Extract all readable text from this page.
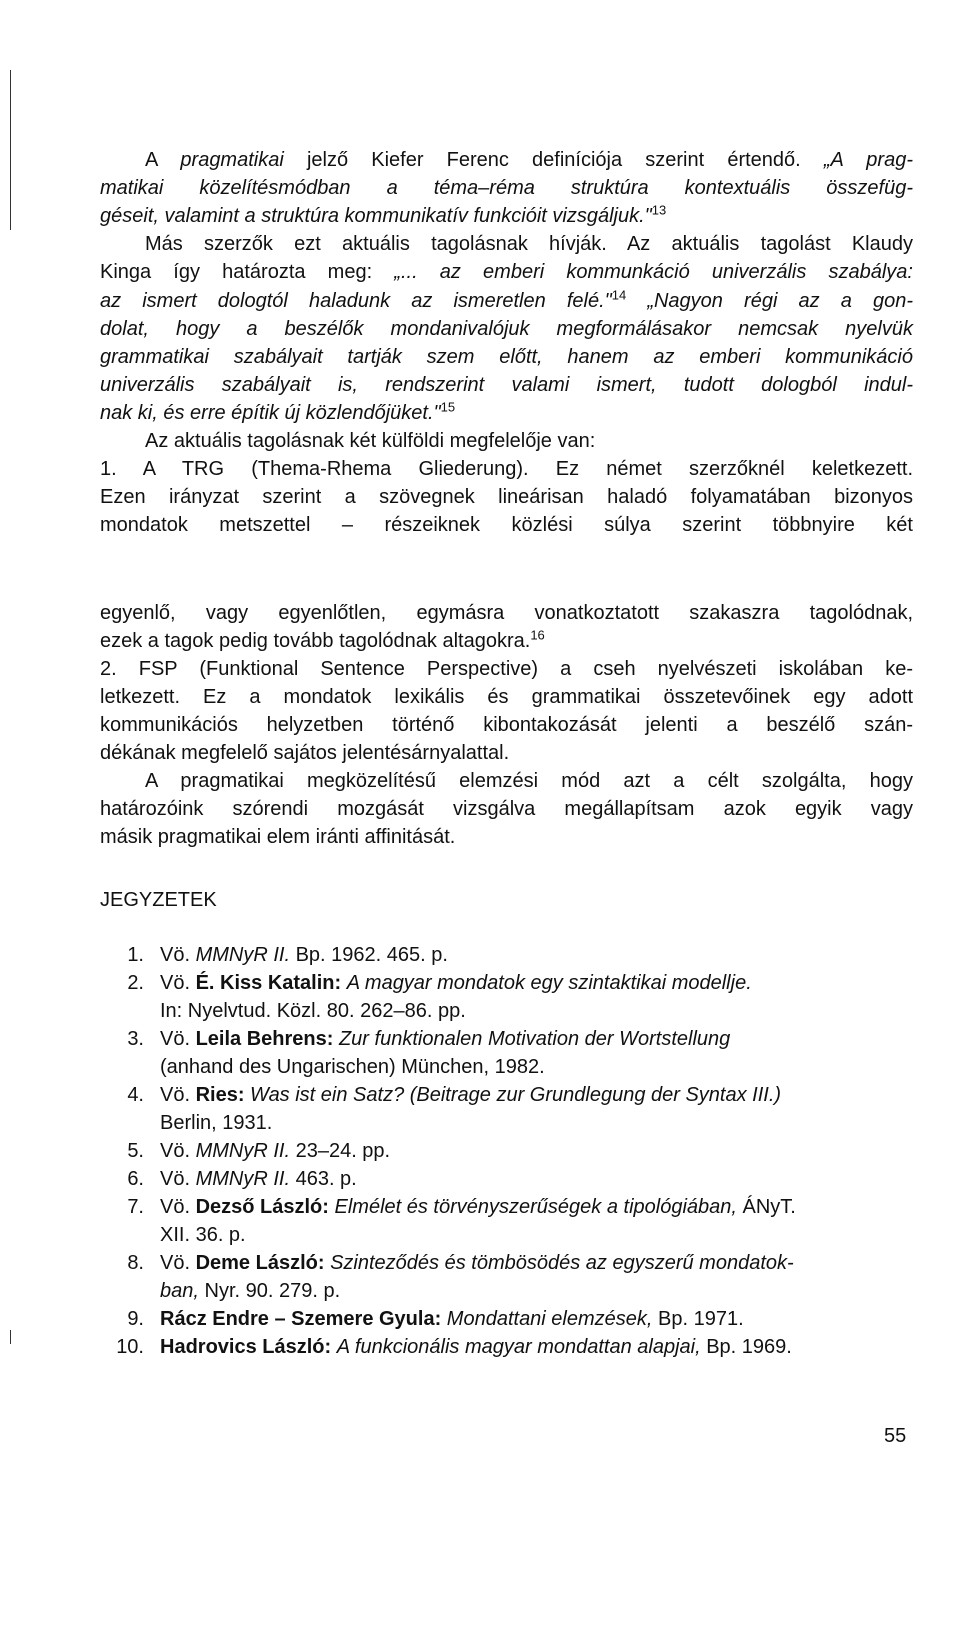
A pragmatikai jelző Kiefer Ferenc definíciója szerint értendő. „A prag-
matikai közelítésmódban a téma–réma struktúra kontextuális összefüg-
géseit, valamint a struktúra kommunikatív funkcióit vizsgáljuk."$^{13}$
Más szerzők ezt aktuális tagolásnak hívják. Az aktuális tagolást Klaudy
Kinga így határozta meg: „... az emberi kommunkáció univerzális szabálya:
az ismert dologtól haladunk az ismeretlen felé."$^{14}$ „Nagyon régi az a gon-
dolat, hogy a beszélők mondanivalójuk megformálásakor nemcsak nyelvük
grammatikai szabályait tartják szem előtt, hanem az emberi kommunikáció
univerzális szabályait is, rendszerint valami ismert, tudott dologból indul-
nak ki, és erre építik új közlendőjüket."$^{15}$
Az aktuális tagolásnak két külföldi megfelelője van:
1. A TRG (Thema-Rhema Gliederung). Ez német szerzőknél keletkezett.
Ezen irányzat szerint a szövegnek lineárisan haladó folyamatában bizonyos
mondatok metszettel – részeiknek közlési súlya szerint többnyire két
egyenlő, vagy egyenlőtlen, egymásra vonatkoztatott szakaszra tagolódnak,
ezek a tagok pedig tovább tagolódnak altagokra.$^{16}$
2. FSP (Funktional Sentence Perspective) a cseh nyelvészeti iskolában ke-
letkezett. Ez a mondatok lexikális és grammatikai összetevőinek egy adott
kommunikációs helyzetben történő kibontakozását jelenti a beszélő szán-
dékának megfelelő sajátos jelentésárnyalattal.
A pragmatikai megközelítésű elemzési mód azt a célt szolgálta, hogy
határozóink szórendi mozgását vizsgálva megállapítsam azok egyik vagy
másik pragmatikai elem iránti affinitását.
JEGYZETEK
1. Vö. MMNyR II. Bp. 1962. 465. p.
2. Vö. É. Kiss Katalin: A magyar mondatok egy szintaktikai modellje.
In: Nyelvtud. Közl. 80. 262–86. pp.
3. Vö. Leila Behrens: Zur funktionalen Motivation der Wortstellung
(anhand des Ungarischen) München, 1982.
4. Vö. Ries: Was ist ein Satz? (Beitrage zur Grundlegung der Syntax III.)
Berlin, 1931.
5. Vö. MMNyR II. 23–24. pp.
6. Vö. MMNyR II. 463. p.
7. Vö. Dezső László: Elmélet és törvényszerűségek a tipológiában, ÁNyT.
XII. 36. p.
8. Vö. Deme László: Szinteződés és tömbösödés az egyszerű mondatok-
ban, Nyr. 90. 279. p.
9. Rácz Endre – Szemere Gyula: Mondattani elemzések, Bp. 1971.
10. Hadrovics László: A funkcionális magyar mondattan alapjai, Bp. 1969.
55
